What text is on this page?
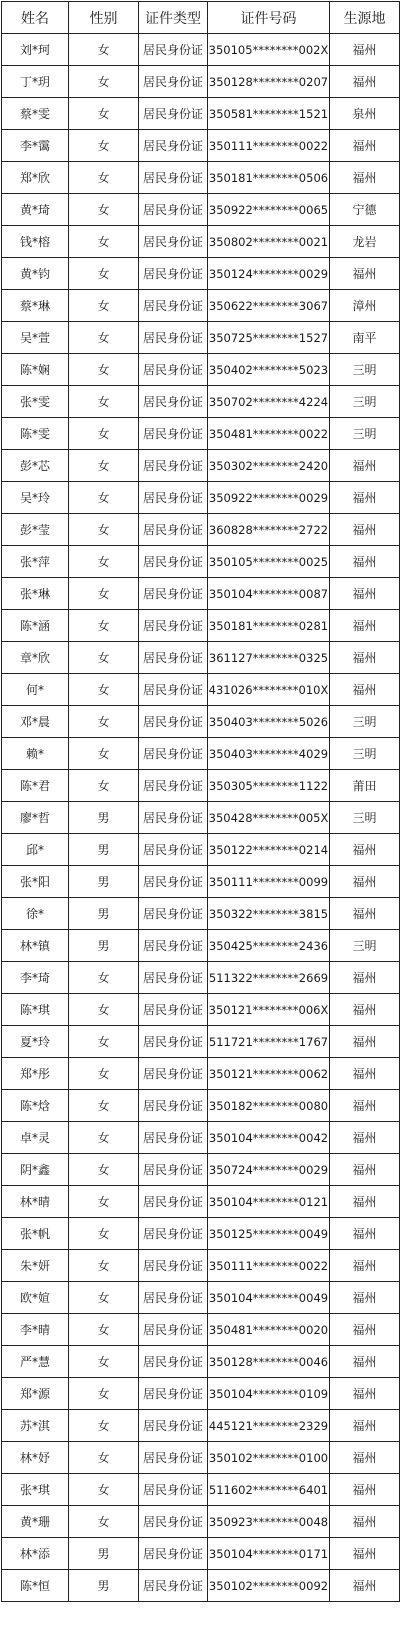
姓名	性别	证件类型	证件号码	生源地
刘*珂	女	居民身份证	350105********002X	福州
丁*玥	女	居民身份证	350128********0207	福州
蔡*雯	女	居民身份证	350581********1521	泉州
李*霭	女	居民身份证	350111********0022	福州
郑*欣	女	居民身份证	350181********0506	福州
黄*琦	女	居民身份证	350922********0065	宁德
钱*榕	女	居民身份证	350802********0021	龙岩
黄*钧	女	居民身份证	350124********0029	福州
蔡*琳	女	居民身份证	350622********3067	漳州
吴*萱	女	居民身份证	350725********1527	南平
陈*娴	女	居民身份证	350402********5023	三明
张*雯	女	居民身份证	350702********4224	三明
陈*雯	女	居民身份证	350481********0022	三明
彭*芯	女	居民身份证	350302********2420	福州
吴*玲	女	居民身份证	350922********0029	福州
彭*莹	女	居民身份证	360828********2722	福州
张*萍	女	居民身份证	350105********0025	福州
张*琳	女	居民身份证	350104********0087	福州
陈*涵	女	居民身份证	350181********0281	福州
章*欣	女	居民身份证	361127********0325	福州
何*	女	居民身份证	431026********010X	福州
邓*晨	女	居民身份证	350403********5026	三明
赖*	女	居民身份证	350403********4029	三明
陈*君	女	居民身份证	350305********1122	莆田
廖*哲	男	居民身份证	350428********005X	三明
邱*	男	居民身份证	350122********0214	福州
张*阳	男	居民身份证	350111********0099	福州
徐*	男	居民身份证	350322********3815	福州
林*镇	男	居民身份证	350425********2436	三明
李*琦	女	居民身份证	511322********2669	福州
陈*琪	女	居民身份证	350121********006X	福州
夏*玲	女	居民身份证	511721********1767	福州
郑*彤	女	居民身份证	350121********0062	福州
陈*焓	女	居民身份证	350182********0080	福州
卓*灵	女	居民身份证	350104********0042	福州
阴*鑫	女	居民身份证	350724********0029	福州
林*晴	女	居民身份证	350104********0121	福州
张*帆	女	居民身份证	350125********0049	福州
朱*妍	女	居民身份证	350111********0022	福州
欧*媗	女	居民身份证	350104********0049	福州
李*晴	女	居民身份证	350481********0020	福州
严*慧	女	居民身份证	350128********0046	福州
郑*源	女	居民身份证	350104********0109	福州
苏*淇	女	居民身份证	445121********2329	福州
林*妤	女	居民身份证	350102********0100	福州
张*琪	女	居民身份证	511602********6401	福州
黄*珊	女	居民身份证	350923********0048	福州
林*添	男	居民身份证	350104********0171	福州
陈*恒	男	居民身份证	350102********0092	福州
